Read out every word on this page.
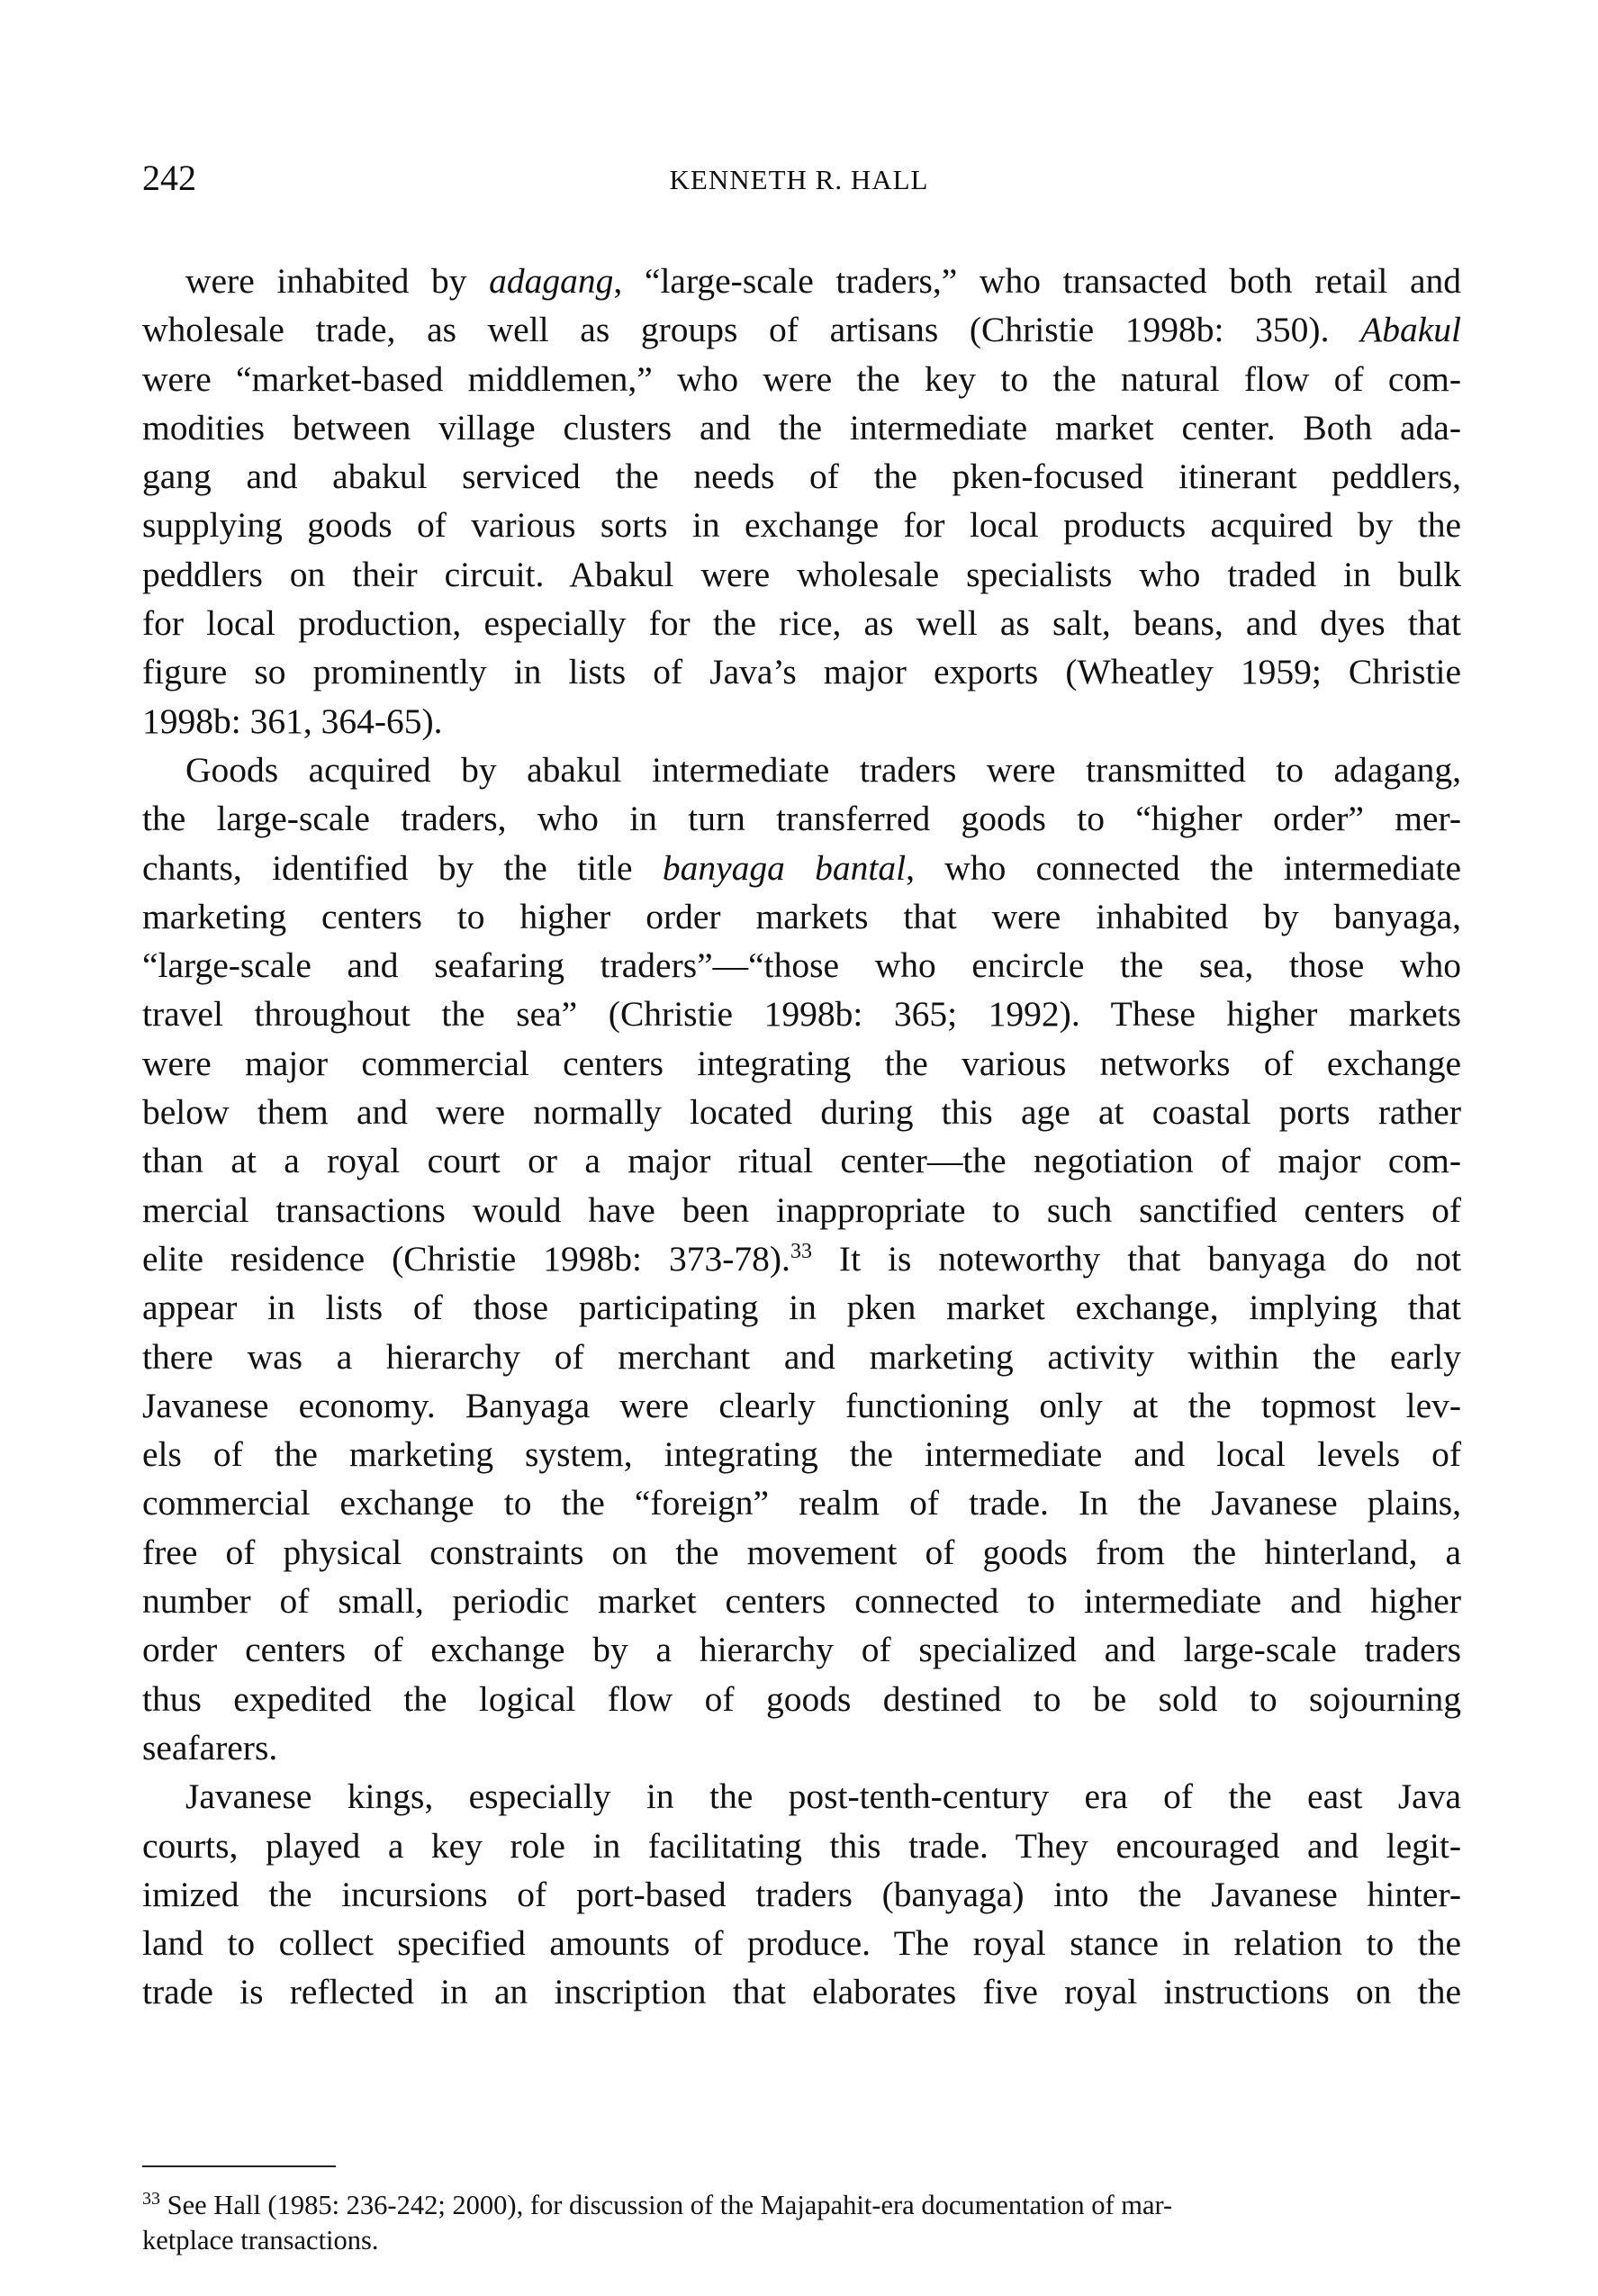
242	KENNETH R. HALL
were inhabited by adagang, “large-scale traders,” who transacted both retail and
wholesale trade, as well as groups of artisans (Christie 1998b: 350). Abakul
were “market-based middlemen,” who were the key to the natural flow of com-
modities between village clusters and the intermediate market center. Both ada-
gang and abakul serviced the needs of the pken-focused itinerant peddlers,
supplying goods of various sorts in exchange for local products acquired by the
peddlers on their circuit. Abakul were wholesale specialists who traded in bulk
for local production, especially for the rice, as well as salt, beans, and dyes that
figure so prominently in lists of Java’s major exports (Wheatley 1959; Christie
1998b: 361, 364-65).
Goods acquired by abakul intermediate traders were transmitted to adagang,
the large-scale traders, who in turn transferred goods to “higher order” mer-
chants, identified by the title banyaga bantal, who connected the intermediate
marketing centers to higher order markets that were inhabited by banyaga,
“large-scale and seafaring traders”—“those who encircle the sea, those who
travel throughout the sea” (Christie 1998b: 365; 1992). These higher markets
were major commercial centers integrating the various networks of exchange
below them and were normally located during this age at coastal ports rather
than at a royal court or a major ritual center—the negotiation of major com-
mercial transactions would have been inappropriate to such sanctified centers of
elite residence (Christie 1998b: 373-78).$^{33}$ It is noteworthy that banyaga do not
appear in lists of those participating in pken market exchange, implying that
there was a hierarchy of merchant and marketing activity within the early
Javanese economy. Banyaga were clearly functioning only at the topmost lev-
els of the marketing system, integrating the intermediate and local levels of
commercial exchange to the “foreign” realm of trade. In the Javanese plains,
free of physical constraints on the movement of goods from the hinterland, a
number of small, periodic market centers connected to intermediate and higher
order centers of exchange by a hierarchy of specialized and large-scale traders
thus expedited the logical flow of goods destined to be sold to sojourning
seafarers.
Javanese kings, especially in the post-tenth-century era of the east Java
courts, played a key role in facilitating this trade. They encouraged and legit-
imized the incursions of port-based traders (banyaga) into the Javanese hinter-
land to collect specified amounts of produce. The royal stance in relation to the
trade is reflected in an inscription that elaborates five royal instructions on the
$^{33}$ See Hall (1985: 236-242; 2000), for discussion of the Majapahit-era documentation of mar-
ketplace transactions.
